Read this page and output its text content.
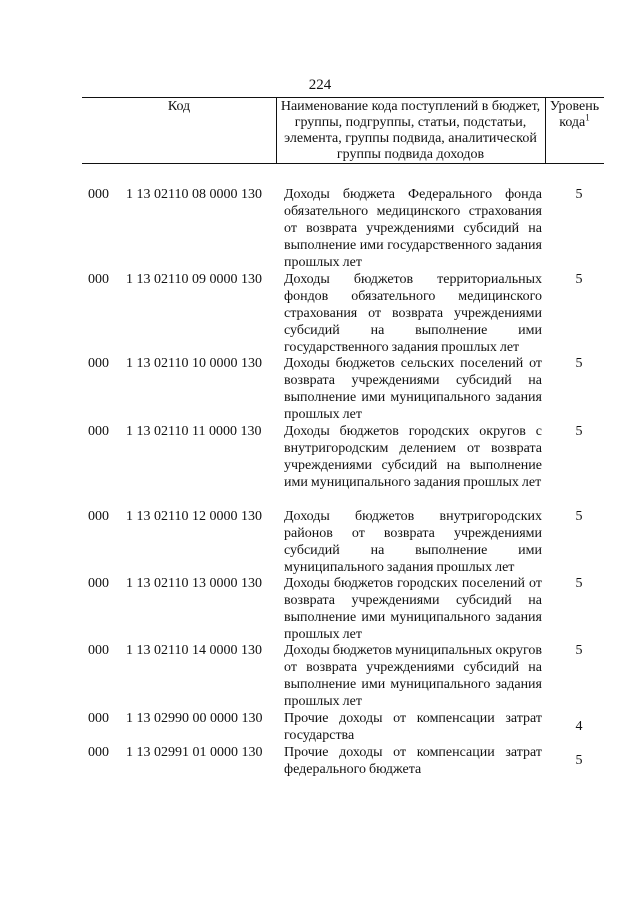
224
Код	Наименование кода поступлений в бюджет, группы, подгруппы, статьи, подстатьи, элемента, группы подвида, аналитической группы подвида доходов
Уровень кода$^1$
000 1 13 02110 08 0000 130 Доходы бюджета Федерального фонда обязательного медицинского страхования от возврата учреждениями субсидий на выполнение ими государственного задания прошлых лет
5
000 1 13 02110 09 0000 130 Доходы бюджетов территориальных фондов обязательного медицинского страхования от возврата учреждениями субсидий на выполнение ими государственного задания прошлых лет
5
000 1 13 02110 10 0000 130 Доходы бюджетов сельских поселений от возврата учреждениями субсидий на выполнение ими муниципального задания прошлых лет
5
000 1 13 02110 11 0000 130 Доходы бюджетов городских округов с внутригородским делением от возврата учреждениями субсидий на выполнение ими муниципального задания прошлых лет
5
000 1 13 02110 12 0000 130 Доходы бюджетов внутригородских районов от возврата учреждениями субсидий на выполнение ими муниципального задания прошлых лет
5
000 1 13 02110 13 0000 130 Доходы бюджетов городских поселений от возврата учреждениями субсидий на выполнение ими муниципального задания прошлых лет
5
000 1 13 02110 14 0000 130 Доходы бюджетов муниципальных округов от возврата учреждениями субсидий на выполнение ими муниципального задания прошлых лет
5
000 1 13 02990 00 0000 130 Прочие доходы от компенсации затрат государства
4
000 1 13 02991 01 0000 130 Прочие доходы от компенсации затрат федерального бюджета
5
